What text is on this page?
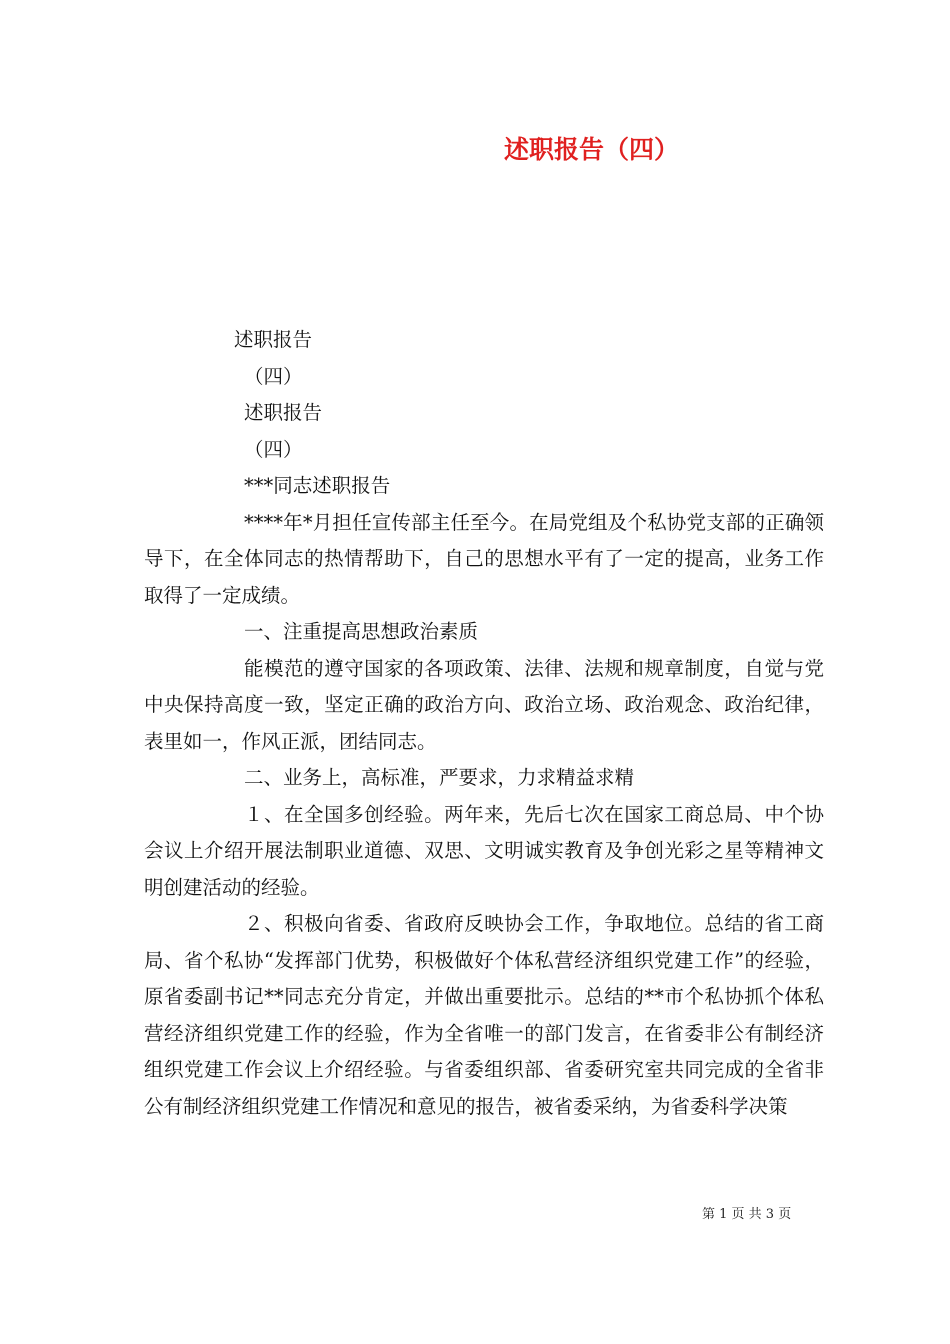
述职报告（四）

述职报告

（四）

述职报告

（四）

***同志述职报告

****年*月担任宣传部主任至今。在局党组及个私协党支部的正确领导下，在全体同志的热情帮助下，自己的思想水平有了一定的提高，业务工作取得了一定成绩。

一、注重提高思想政治素质

能模范的遵守国家的各项政策、法律、法规和规章制度，自觉与党中央保持高度一致，坚定正确的政治方向、政治立场、政治观念、政治纪律，表里如一，作风正派，团结同志。

二、业务上，高标准，严要求，力求精益求精

１、在全国多创经验。两年来，先后七次在国家工商总局、中个协会议上介绍开展法制职业道德、双思、文明诚实教育及争创光彩之星等精神文明创建活动的经验。

２、积极向省委、省政府反映协会工作，争取地位。总结的省工商局、省个私协“发挥部门优势，积极做好个体私营经济组织党建工作”的经验，原省委副书记**同志充分肯定，并做出重要批示。总结的**市个私协抓个体私营经济组织党建工作的经验，作为全省唯一的部门发言，在省委非公有制经济组织党建工作会议上介绍经验。与省委组织部、省委研究室共同完成的全省非公有制经济组织党建工作情况和意见的报告，被省委采纳，为省委科学决策

第 1 页 共 3 页
